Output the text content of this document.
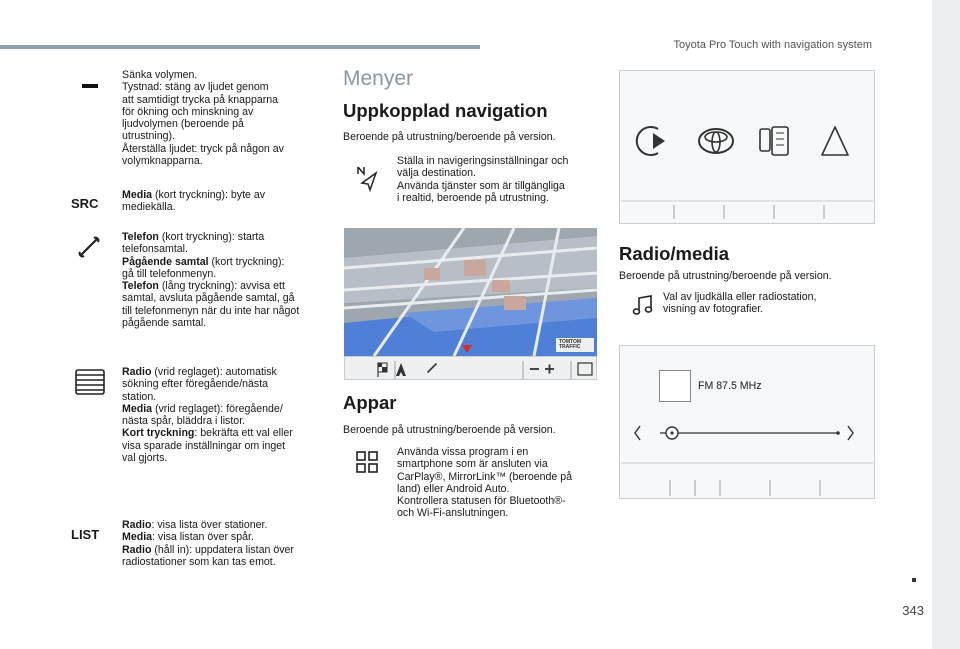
Toyota Pro Touch with navigation system
343
Sänka volymen.
Tystnad: stäng av ljudet genom
att samtidigt trycka på knapparna
för ökning och minskning av
ljudvolymen (beroende på
utrustning).
Återställa ljudet: tryck på någon av
volymknapparna.
SRC
Media (kort tryckning): byte av
mediekälla.
Telefon (kort tryckning): starta
telefonsamtal.
Pågående samtal (kort tryckning):
gå till telefonmenyn.
Telefon (lång tryckning): avvisa ett
samtal, avsluta pågående samtal, gå
till telefonmenyn när du inte har något
pågående samtal.
Radio (vrid reglaget): automatisk
sökning efter föregående/nästa
station.
Media (vrid reglaget): föregående/
nästa spår, bläddra i listor.
Kort tryckning: bekräfta ett val eller
visa sparade inställningar om inget
val gjorts.
LIST
Radio: visa lista över stationer.
Media: visa listan över spår.
Radio (håll in): uppdatera listan över
radiostationer som kan tas emot.
Menyer
Uppkopplad navigation
Beroende på utrustning/beroende på version.
Ställa in navigeringsinställningar och
välja destination.
Använda tjänster som är tillgängliga
i realtid, beroende på utrustning.
TOMTOM TRAFFIC
Appar
Beroende på utrustning/beroende på version.
Använda vissa program i en
smartphone som är ansluten via
CarPlay®, MirrorLink™ (beroende på
land) eller Android Auto.
Kontrollera statusen för Bluetooth®-
och Wi-Fi-anslutningen.
Radio/media
Beroende på utrustning/beroende på version.
Val av ljudkälla eller radiostation,
visning av fotografier.
FM 87.5 MHz
